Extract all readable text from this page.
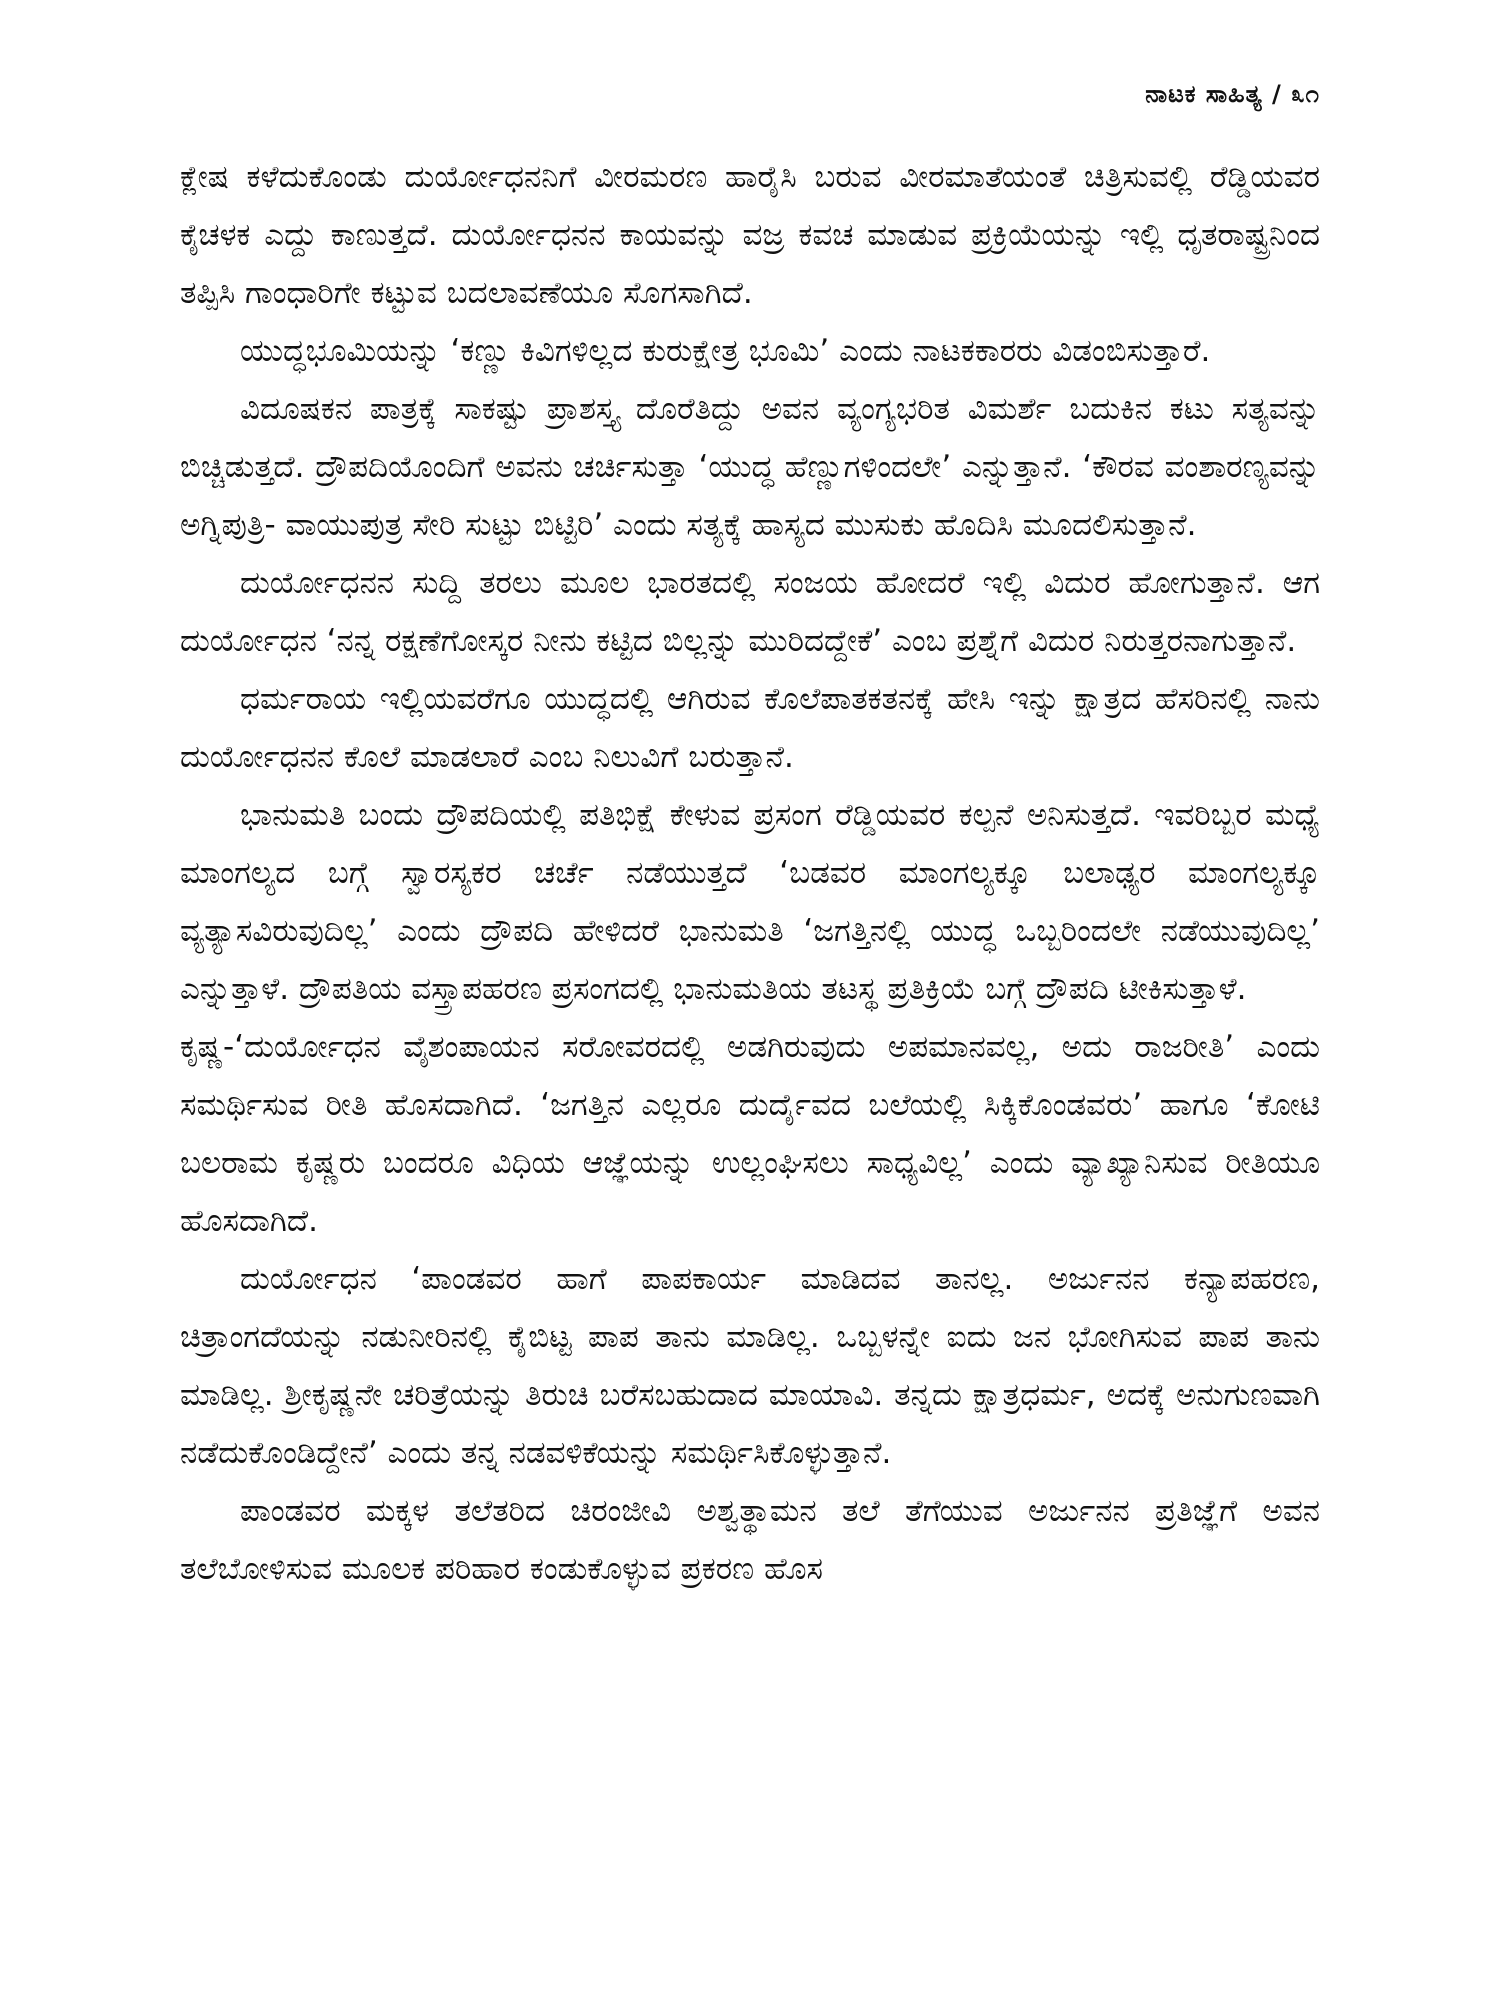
ನಾಟಕ ಸಾಹಿತ್ಯ / ೩೧

ಕ್ಲೇಷ ಕಳೆದುಕೊಂಡು ದುರ್ಯೋಧನನಿಗೆ ವೀರಮರಣ ಹಾರೈಸಿ ಬರುವ ವೀರಮಾತೆಯಂತೆ ಚಿತ್ರಿಸುವಲ್ಲಿ ರೆಡ್ಡಿಯವರ ಕೈಚಳಕ ಎದ್ದು ಕಾಣುತ್ತದೆ. ದುರ್ಯೋಧನನ ಕಾಯವನ್ನು ವಜ್ರ ಕವಚ ಮಾಡುವ ಪ್ರಕ್ರಿಯೆಯನ್ನು ಇಲ್ಲಿ ಧೃತರಾಷ್ಟ್ರನಿಂದ ತಪ್ಪಿಸಿ ಗಾಂಧಾರಿಗೇ ಕಟ್ಟುವ ಬದಲಾವಣೆಯೂ ಸೊಗಸಾಗಿದೆ.

ಯುದ್ಧಭೂಮಿಯನ್ನು ‘ಕಣ್ಣು ಕಿವಿಗಳಿಲ್ಲದ ಕುರುಕ್ಷೇತ್ರ ಭೂಮಿ’ ಎಂದು ನಾಟಕಕಾರರು ವಿಡಂಬಿಸುತ್ತಾರೆ.

ವಿದೂಷಕನ ಪಾತ್ರಕ್ಕೆ ಸಾಕಷ್ಟು ಪ್ರಾಶಸ್ತ್ಯ ದೊರೆತಿದ್ದು ಅವನ ವ್ಯಂಗ್ಯಭರಿತ ವಿಮರ್ಶೆ ಬದುಕಿನ ಕಟು ಸತ್ಯವನ್ನು ಬಿಚ್ಚಿಡುತ್ತದೆ. ದ್ರೌಪದಿಯೊಂದಿಗೆ ಅವನು ಚರ್ಚಿಸುತ್ತಾ ‘ಯುದ್ಧ ಹೆಣ್ಣುಗಳಿಂದಲೇ’ ಎನ್ನುತ್ತಾನೆ. ‘ಕೌರವ ವಂಶಾರಣ್ಯವನ್ನು ಅಗ್ನಿಪುತ್ರಿ- ವಾಯುಪುತ್ರ ಸೇರಿ ಸುಟ್ಟು ಬಿಟ್ಟಿರಿ’ ಎಂದು ಸತ್ಯಕ್ಕೆ ಹಾಸ್ಯದ ಮುಸುಕು ಹೊದಿಸಿ ಮೂದಲಿಸುತ್ತಾನೆ.

ದುರ್ಯೋಧನನ ಸುದ್ದಿ ತರಲು ಮೂಲ ಭಾರತದಲ್ಲಿ ಸಂಜಯ ಹೋದರೆ ಇಲ್ಲಿ ವಿದುರ ಹೋಗುತ್ತಾನೆ. ಆಗ ದುರ್ಯೋಧನ ‘ನನ್ನ ರಕ್ಷಣೆಗೋಸ್ಕರ ನೀನು ಕಟ್ಟಿದ ಬಿಲ್ಲನ್ನು ಮುರಿದದ್ದೇಕೆ’ ಎಂಬ ಪ್ರಶ್ನೆಗೆ ವಿದುರ ನಿರುತ್ತರನಾಗುತ್ತಾನೆ.

ಧರ್ಮರಾಯ ಇಲ್ಲಿಯವರೆಗೂ ಯುದ್ಧದಲ್ಲಿ ಆಗಿರುವ ಕೊಲೆಪಾತಕತನಕ್ಕೆ ಹೇಸಿ ಇನ್ನು ಕ್ಷಾತ್ರದ ಹೆಸರಿನಲ್ಲಿ ನಾನು ದುರ್ಯೋಧನನ ಕೊಲೆ ಮಾಡಲಾರೆ ಎಂಬ ನಿಲುವಿಗೆ ಬರುತ್ತಾನೆ.

ಭಾನುಮತಿ ಬಂದು ದ್ರೌಪದಿಯಲ್ಲಿ ಪತಿಭಿಕ್ಷೆ ಕೇಳುವ ಪ್ರಸಂಗ ರೆಡ್ಡಿಯವರ ಕಲ್ಪನೆ ಅನಿಸುತ್ತದೆ. ಇವರಿಬ್ಬರ ಮಧ್ಯೆ ಮಾಂಗಲ್ಯದ ಬಗ್ಗೆ ಸ್ವಾರಸ್ಯಕರ ಚರ್ಚೆ ನಡೆಯುತ್ತದೆ ‘ಬಡವರ ಮಾಂಗಲ್ಯಕ್ಕೂ ಬಲಾಢ್ಯರ ಮಾಂಗಲ್ಯಕ್ಕೂ ವ್ಯತ್ಯಾಸವಿರುವುದಿಲ್ಲ’ ಎಂದು ದ್ರೌಪದಿ ಹೇಳಿದರೆ ಭಾನುಮತಿ ‘ಜಗತ್ತಿನಲ್ಲಿ ಯುದ್ಧ ಒಬ್ಬರಿಂದಲೇ ನಡೆಯುವುದಿಲ್ಲ’ ಎನ್ನುತ್ತಾಳೆ. ದ್ರೌಪತಿಯ ವಸ್ತ್ರಾಪಹರಣ ಪ್ರಸಂಗದಲ್ಲಿ ಭಾನುಮತಿಯ ತಟಸ್ಥ ಪ್ರತಿಕ್ರಿಯೆ ಬಗ್ಗೆ ದ್ರೌಪದಿ ಟೀಕಿಸುತ್ತಾಳೆ.

ಕೃಷ್ಣ-‘ದುರ್ಯೋಧನ ವೈಶಂಪಾಯನ ಸರೋವರದಲ್ಲಿ ಅಡಗಿರುವುದು ಅಪಮಾನವಲ್ಲ, ಅದು ರಾಜರೀತಿ’ ಎಂದು ಸಮರ್ಥಿಸುವ ರೀತಿ ಹೊಸದಾಗಿದೆ. ‘ಜಗತ್ತಿನ ಎಲ್ಲರೂ ದುರ್ದೈವದ ಬಲೆಯಲ್ಲಿ ಸಿಕ್ಕಿಕೊಂಡವರು’ ಹಾಗೂ ‘ಕೋಟಿ ಬಲರಾಮ ಕೃಷ್ಣರು ಬಂದರೂ ವಿಧಿಯ ಆಜ್ಞೆಯನ್ನು ಉಲ್ಲಂಘಿಸಲು ಸಾಧ್ಯವಿಲ್ಲ’ ಎಂದು ವ್ಯಾಖ್ಯಾನಿಸುವ ರೀತಿಯೂ ಹೊಸದಾಗಿದೆ.

ದುರ್ಯೋಧನ ‘ಪಾಂಡವರ ಹಾಗೆ ಪಾಪಕಾರ್ಯ ಮಾಡಿದವ ತಾನಲ್ಲ. ಅರ್ಜುನನ ಕನ್ಯಾಪಹರಣ, ಚಿತ್ರಾಂಗದೆಯನ್ನು ನಡುನೀರಿನಲ್ಲಿ ಕೈಬಿಟ್ಟ ಪಾಪ ತಾನು ಮಾಡಿಲ್ಲ. ಒಬ್ಬಳನ್ನೇ ಐದು ಜನ ಭೋಗಿಸುವ ಪಾಪ ತಾನು ಮಾಡಿಲ್ಲ. ಶ್ರೀಕೃಷ್ಣನೇ ಚರಿತ್ರೆಯನ್ನು ತಿರುಚಿ ಬರೆಸಬಹುದಾದ ಮಾಯಾವಿ. ತನ್ನದು ಕ್ಷಾತ್ರಧರ್ಮ, ಅದಕ್ಕೆ ಅನುಗುಣವಾಗಿ ನಡೆದುಕೊಂಡಿದ್ದೇನೆ’ ಎಂದು ತನ್ನ ನಡವಳಿಕೆಯನ್ನು ಸಮರ್ಥಿಸಿಕೊಳ್ಳುತ್ತಾನೆ.

ಪಾಂಡವರ ಮಕ್ಕಳ ತಲೆತರಿದ ಚಿರಂಜೀವಿ ಅಶ್ವತ್ಥಾಮನ ತಲೆ ತೆಗೆಯುವ ಅರ್ಜುನನ ಪ್ರತಿಜ್ಞೆಗೆ ಅವನ ತಲೆಬೋಳಿಸುವ ಮೂಲಕ ಪರಿಹಾರ ಕಂಡುಕೊಳ್ಳುವ ಪ್ರಕರಣ ಹೊಸ
